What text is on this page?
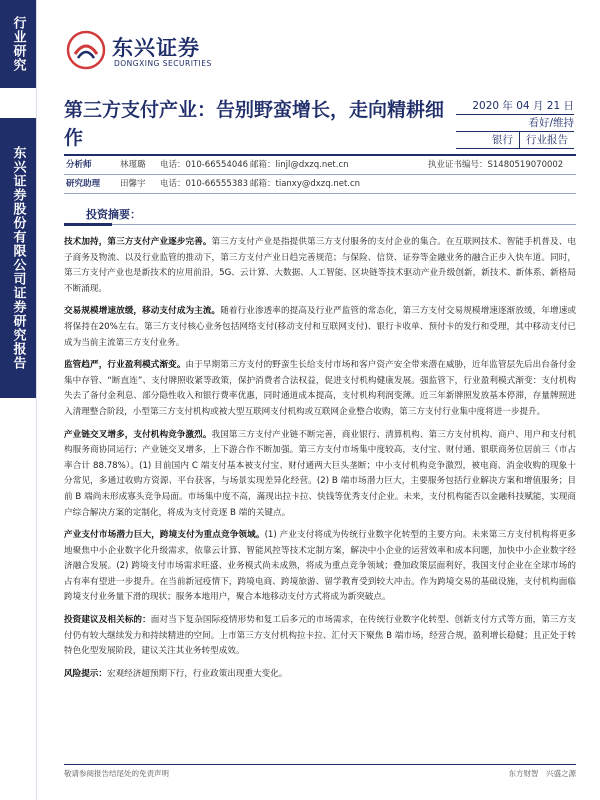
行业研究
东兴证券股份有限公司证券研究报告
东兴证券
DONGXING SECURITIES
第三方支付产业：告别野蛮增长，走向精耕细作
2020 年 04 月 21 日
看好/维持
银行	行业报告
分析师	林瑾璐 电话：010-66554046 邮箱：linjl@dxzq.net.cn	执业证书编号：S1480519070002
研究助理 田馨宇 电话：010-66555383 邮箱：tianxy@dxzq.net.cn
投资摘要：
技术加持，第三方支付产业逐步完善。第三方支付产业是指提供第三方支付服务的支付企业的集合。在互联网技术、智能手机普及、电子商务及物流、以及行业监管的推动下，第三方支付产业日趋完善规范；与保险、信贷、证券等金融业务的融合正步入快车道。同时，第三方支付产业也是新技术的应用前沿，5G、云计算、大数据、人工智能、区块链等技术驱动产业升级创新，新技术、新体系、新格局不断涌现。
交易规模增速放缓，移动支付成为主流。随着行业渗透率的提高及行业严监管的常态化，第三方支付交易规模增速逐渐放缓，年增速或将保持在20%左右。第三方支付核心业务包括网络支付(移动支付和互联网支付)、银行卡收单、预付卡的发行和受理，其中移动支付已成为当前主流第三方支付业务。
监管趋严，行业盈利模式渐变。由于早期第三方支付的野蛮生长给支付市场和客户资产安全带来潜在威胁，近年监管层先后出台备付金集中存管、“断直连”、支付牌照收紧等政策，保护消费者合法权益，促进支付机构健康发展。强监管下，行业盈利模式渐变：支付机构失去了备付金利息、部分隐性收入和银行费率优惠，同时通道成本提高，支付机构利润变薄。近三年新牌照发放基本停滞，存量牌照进入清理整合阶段，小型第三方支付机构或被大型互联网支付机构或互联网企业整合收购，第三方支付行业集中度将进一步提升。
产业链交叉增多，支付机构竞争激烈。我国第三方支付产业链不断完善，商业银行、清算机构、第三方支付机构、商户、用户和支付机构服务商协同运行；产业链交叉增多，上下游合作不断加强。第三方支付市场集中度较高，支付宝、财付通、银联商务位居前三（市占率合计 88.78%）。(1) 目前国内 C 端支付基本被支付宝、财付通两大巨头垄断；中小支付机构竞争激烈，被电商、消金收购的现象十分常见，多通过收购方资源、平台获客，与场景实现差异化经营。(2) B 端市场潜力巨大，主要服务包括行业解决方案和增值服务；目前 B 端尚未形成寡头竞争局面。市场集中度不高，滿现出拉卡拉、快钱等优秀支付企业。未来，支付机构能否以金融科技赋能，实现商户综合解决方案的定制化，将成为支付竞逐 B 端的关键点。
产业支付市场潜力巨大，跨境支付为重点竞争领域。(1) 产业支付将成为传统行业数字化转型的主要方向。未来第三方支付机构将更多地聚焦中小企业数字化升级需求，依靠云计算、智能风控等技术定制方案，解决中小企业的运营效率和成本问题，加快中小企业数字经济融合发展。(2) 跨境支付市场需求旺盛、业务模式尚未成熟，将成为重点竞争领域；叠加政策层面利好，我国支付企业在全球市场的占有率有望进一步提升。在当前新冠疫情下，跨境电商、跨境旅游、留学教育受到较大冲击。作为跨境交易的基础设施，支付机构面临跨境支付业务量下滑的现状；服务本地用户，聚合本地移动支付方式将成为新突破点。
投资建议及相关标的：面对当下复杂国际疫情形势和复工后多元的市场需求，在传统行业数字化转型、创新支付方式等方面，第三方支付仍有较大继续发力和持续精进的空间。上市第三方支付机构拉卡拉、汇付天下聚焦 B 端市场，经营合规，盈利增长稳健；且正处于转特色化型发展阶段，建议关注其业务转型成效。
风险提示：宏观经济超预期下行，行业政策出现重大变化。
敬请参阅报告结尾处的免责声明	东方财智　兴盛之源
